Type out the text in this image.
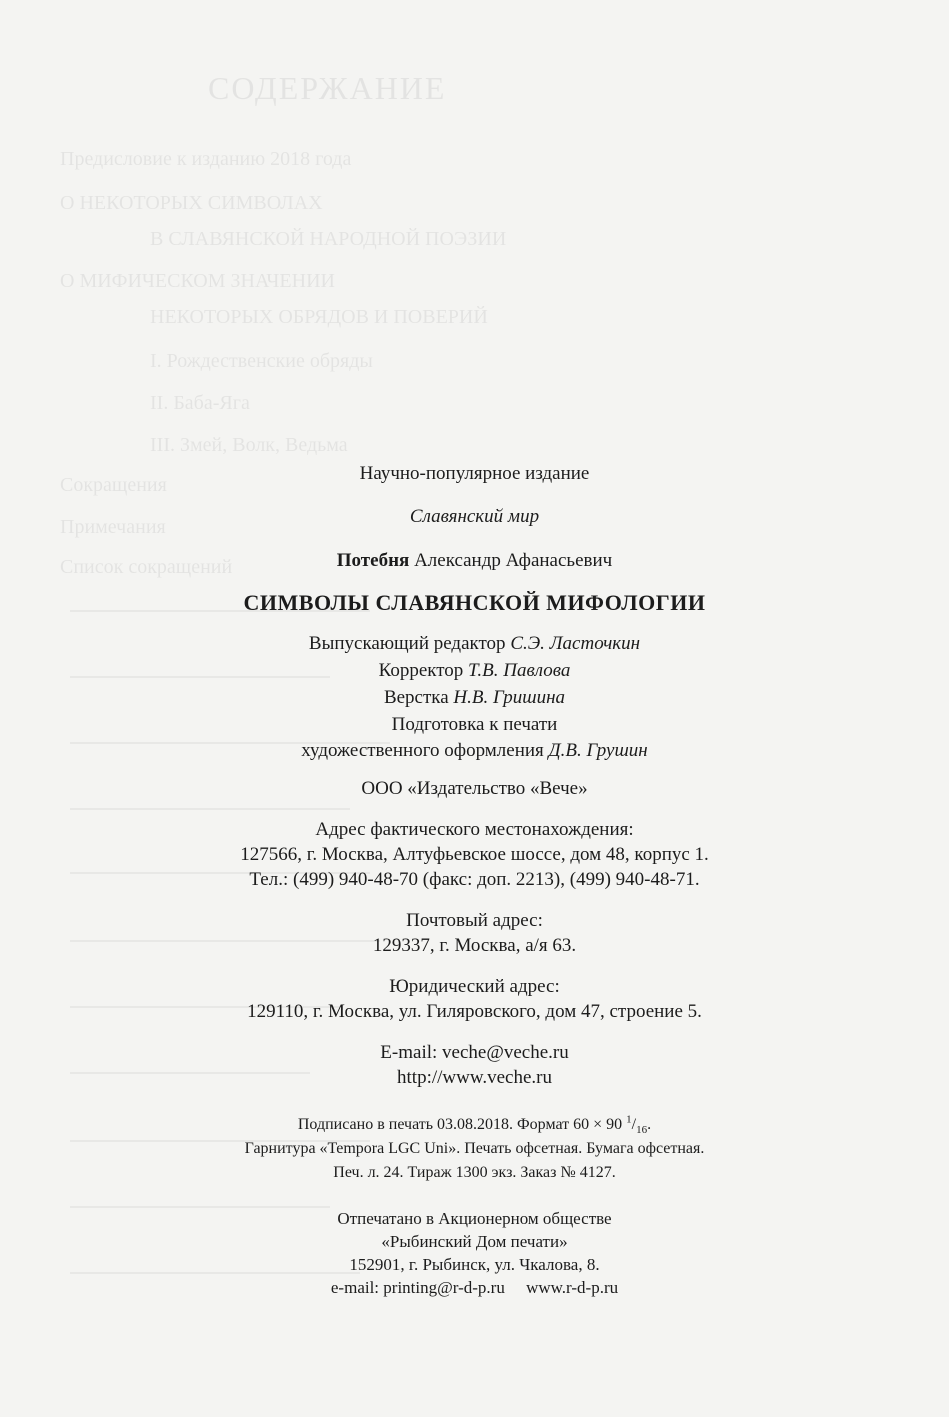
СОДЕРЖАНИЕ
Предисловие к изданию 2018 года
О НЕКОТОРЫХ СИМВОЛАХ
В СЛАВЯНСКОЙ НАРОДНОЙ ПОЭЗИИ
О МИФИЧЕСКОМ ЗНАЧЕНИИ
НЕКОТОРЫХ ОБРЯДОВ И ПОВЕРИЙ
I. Рождественские обряды
II. Баба-Яга
III. Змей, Волк, Ведьма
Сокращения
Примечания
Список сокращений
Научно-популярное издание
Славянский мир
Потебня Александр Афанасьевич
СИМВОЛЫ СЛАВЯНСКОЙ МИФОЛОГИИ
Выпускающий редактор С.Э. Ласточкин
Корректор Т.В. Павлова
Верстка Н.В. Гришина
Подготовка к печати
художественного оформления Д.В. Грушин
ООО «Издательство «Вече»
Адрес фактического местонахождения:
127566, г. Москва, Алтуфьевское шоссе, дом 48, корпус 1.
Тел.: (499) 940-48-70 (факс: доп. 2213), (499) 940-48-71.
Почтовый адрес:
129337, г. Москва, а/я 63.
Юридический адрес:
129110, г. Москва, ул. Гиляровского, дом 47, строение 5.
E-mail: veche@veche.ru
http://www.veche.ru
Подписано в печать 03.08.2018. Формат 60 × 90 $^1/_{16}$.
Гарнитура «Tempora LGC Uni». Печать офсетная. Бумага офсетная.
Печ. л. 24. Тираж 1300 экз. Заказ № 4127.
Отпечатано в Акционерном обществе
«Рыбинский Дом печати»
152901, г. Рыбинск, ул. Чкалова, 8.
e-mail: printing@r-d-p.ru     www.r-d-p.ru
